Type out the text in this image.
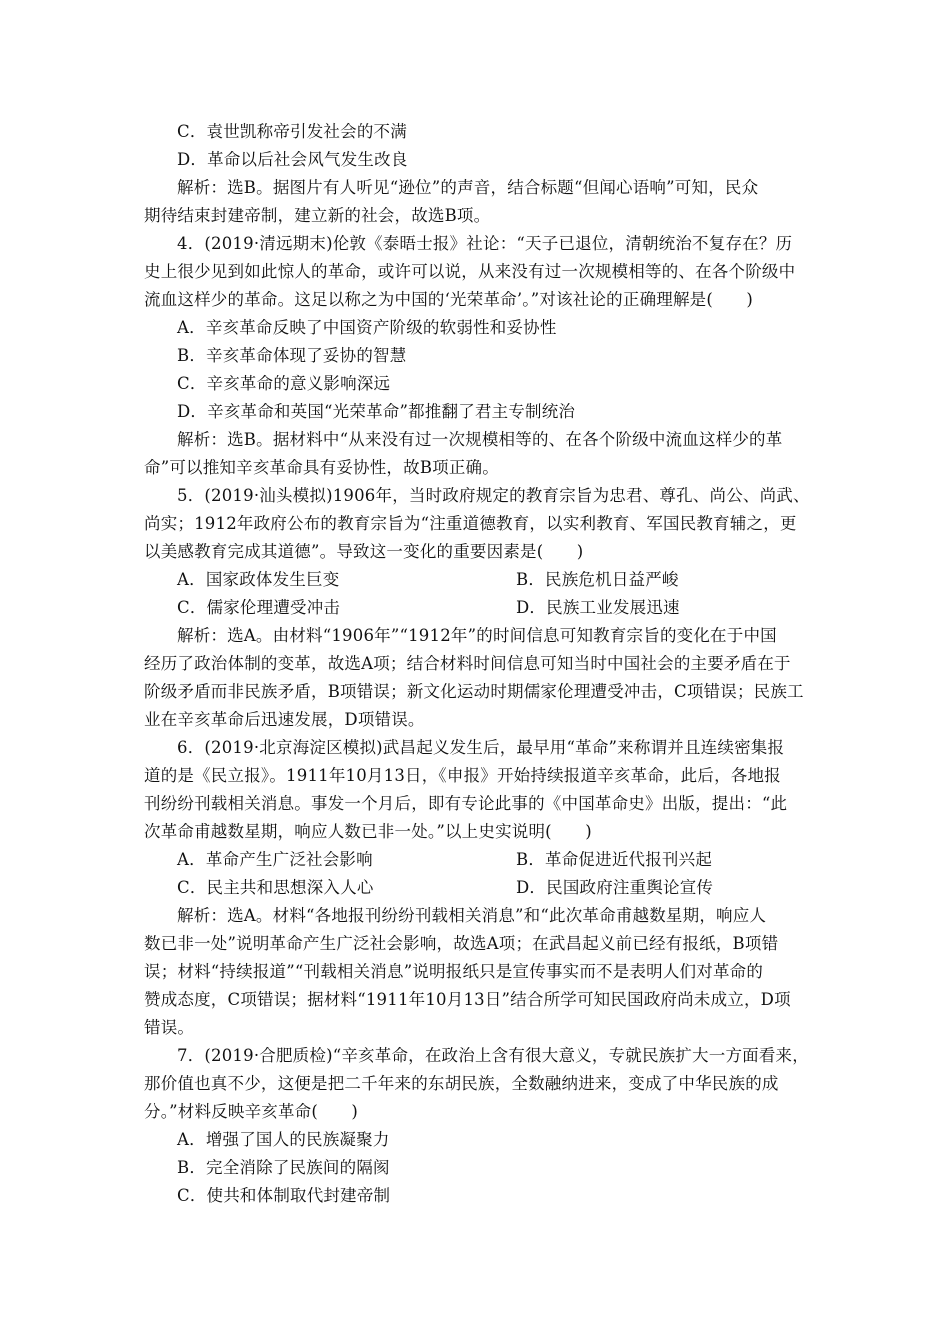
C．袁世凯称帝引发社会的不满
D．革命以后社会风气发生改良
解析：选B。据图片有人听见“逊位”的声音，结合标题“但闻心语响”可知，民众
期待结束封建帝制，建立新的社会，故选B项。
4．(2019·清远期末)伦敦《泰晤士报》社论：“天子已退位，清朝统治不复存在？历
史上很少见到如此惊人的革命，或许可以说，从来没有过一次规模相等的、在各个阶级中
流血这样少的革命。这足以称之为中国的‘光荣革命’。”对该社论的正确理解是(　　)
A．辛亥革命反映了中国资产阶级的软弱性和妥协性
B．辛亥革命体现了妥协的智慧
C．辛亥革命的意义影响深远
D．辛亥革命和英国“光荣革命”都推翻了君主专制统治
解析：选B。据材料中“从来没有过一次规模相等的、在各个阶级中流血这样少的革
命”可以推知辛亥革命具有妥协性，故B项正确。
5．(2019·汕头模拟)1906年，当时政府规定的教育宗旨为忠君、尊孔、尚公、尚武、
尚实；1912年政府公布的教育宗旨为“注重道德教育，以实利教育、军国民教育辅之，更
以美感教育完成其道德”。导致这一变化的重要因素是(　　)
A．国家政体发生巨变	B．民族危机日益严峻
C．儒家伦理遭受冲击	D．民族工业发展迅速
解析：选A。由材料“1906年”“1912年”的时间信息可知教育宗旨的变化在于中国
经历了政治体制的变革，故选A项；结合材料时间信息可知当时中国社会的主要矛盾在于
阶级矛盾而非民族矛盾，B项错误；新文化运动时期儒家伦理遭受冲击，C项错误；民族工
业在辛亥革命后迅速发展，D项错误。
6．(2019·北京海淀区模拟)武昌起义发生后，最早用“革命”来称谓并且连续密集报
道的是《民立报》。1911年10月13日，《申报》开始持续报道辛亥革命，此后，各地报
刊纷纷刊载相关消息。事发一个月后，即有专论此事的《中国革命史》出版，提出：“此
次革命甫越数星期，响应人数已非一处。”以上史实说明(　　)
A．革命产生广泛社会影响	B．革命促进近代报刊兴起
C．民主共和思想深入人心	D．民国政府注重舆论宣传
解析：选A。材料“各地报刊纷纷刊载相关消息”和“此次革命甫越数星期，响应人
数已非一处”说明革命产生广泛社会影响，故选A项；在武昌起义前已经有报纸，B项错
误；材料“持续报道”“刊载相关消息”说明报纸只是宣传事实而不是表明人们对革命的
赞成态度，C项错误；据材料“1911年10月13日”结合所学可知民国政府尚未成立，D项
错误。
7．(2019·合肥质检)“辛亥革命，在政治上含有很大意义，专就民族扩大一方面看来，
那价值也真不少，这便是把二千年来的东胡民族，全数融纳进来，变成了中华民族的成
分。”材料反映辛亥革命(　　)
A．增强了国人的民族凝聚力
B．完全消除了民族间的隔阂
C．使共和体制取代封建帝制
